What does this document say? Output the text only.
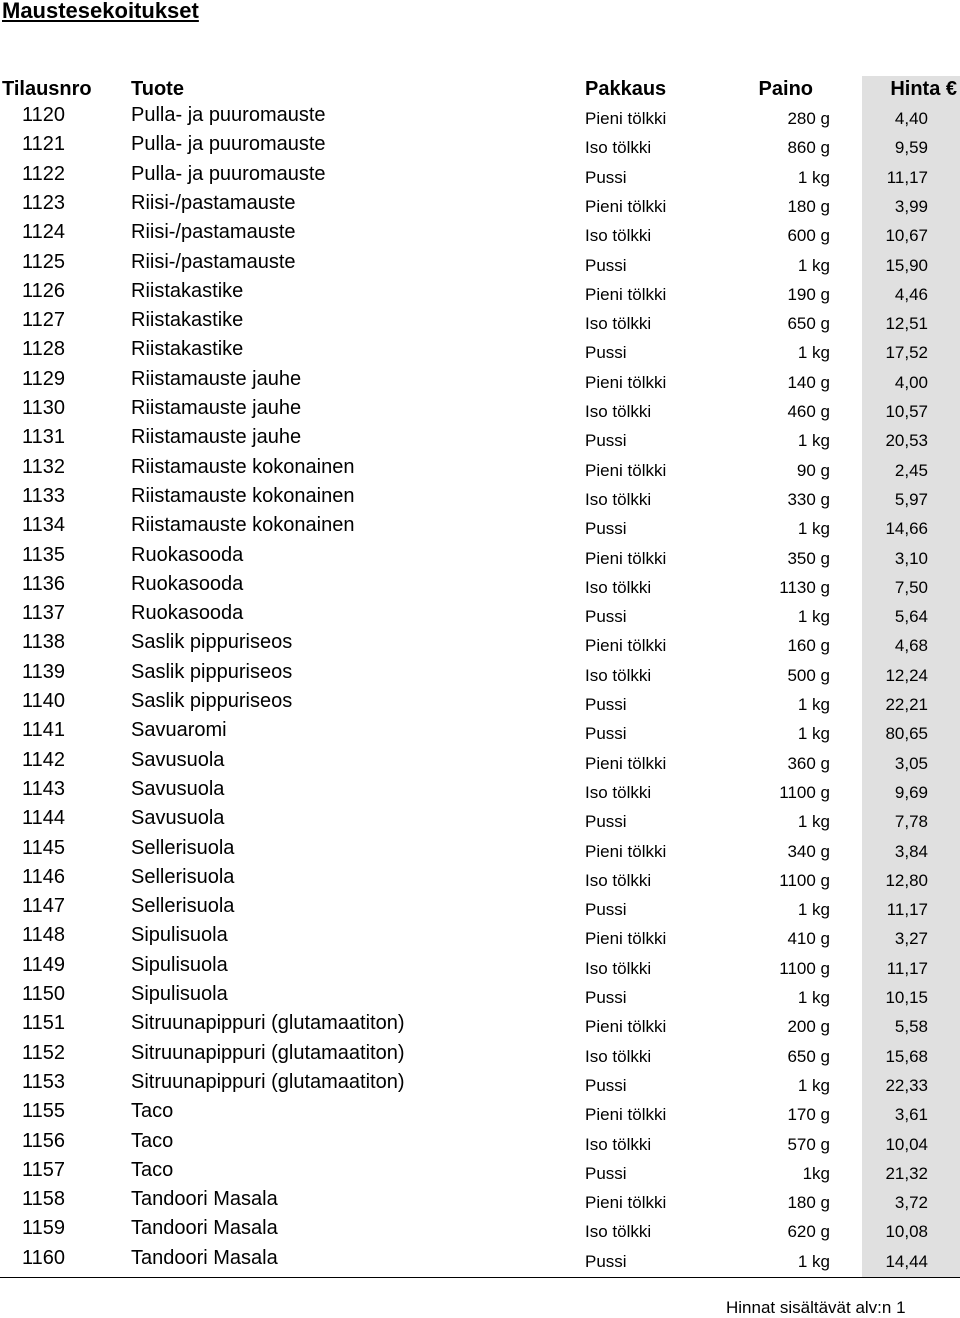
Maustesekoitukset
Tilausnro Tuote	Pakkaus	Paino	Hinta €
1120	Pulla- ja puuromauste	Pieni tölkki	280 g	4,40
1121	Pulla- ja puuromauste	Iso tölkki	860 g	9,59
1122	Pulla- ja puuromauste	Pussi	1 kg	11,17
1123	Riisi-/pastamauste	Pieni tölkki	180 g	3,99
1124	Riisi-/pastamauste	Iso tölkki	600 g	10,67
1125	Riisi-/pastamauste	Pussi	1 kg	15,90
1126	Riistakastike	Pieni tölkki	190 g	4,46
1127	Riistakastike	Iso tölkki	650 g	12,51
1128	Riistakastike	Pussi	1 kg	17,52
1129	Riistamauste jauhe	Pieni tölkki	140 g	4,00
1130	Riistamauste jauhe	Iso tölkki	460 g	10,57
1131	Riistamauste jauhe	Pussi	1 kg	20,53
1132	Riistamauste kokonainen	Pieni tölkki	90 g	2,45
1133	Riistamauste kokonainen	Iso tölkki	330 g	5,97
1134	Riistamauste kokonainen	Pussi	1 kg	14,66
1135	Ruokasooda	Pieni tölkki	350 g	3,10
1136	Ruokasooda	Iso tölkki	1130 g	7,50
1137	Ruokasooda	Pussi	1 kg	5,64
1138	Saslik pippuriseos	Pieni tölkki	160 g	4,68
1139	Saslik pippuriseos	Iso tölkki	500 g	12,24
1140	Saslik pippuriseos	Pussi	1 kg	22,21
1141	Savuaromi	Pussi	1 kg	80,65
1142	Savusuola	Pieni tölkki	360 g	3,05
1143	Savusuola	Iso tölkki	1100 g	9,69
1144	Savusuola	Pussi	1 kg	7,78
1145	Sellerisuola	Pieni tölkki	340 g	3,84
1146	Sellerisuola	Iso tölkki	1100 g	12,80
1147	Sellerisuola	Pussi	1 kg	11,17
1148	Sipulisuola	Pieni tölkki	410 g	3,27
1149	Sipulisuola	Iso tölkki	1100 g	11,17
1150	Sipulisuola	Pussi	1 kg	10,15
1151	Sitruunapippuri (glutamaatiton)	Pieni tölkki	200 g	5,58
1152	Sitruunapippuri (glutamaatiton)	Iso tölkki	650 g	15,68
1153	Sitruunapippuri (glutamaatiton)	Pussi	1 kg	22,33
1155	Taco	Pieni tölkki	170 g	3,61
1156	Taco	Iso tölkki	570 g	10,04
1157	Taco	Pussi	1kg	21,32
1158	Tandoori Masala	Pieni tölkki	180 g	3,72
1159	Tandoori Masala	Iso tölkki	620 g	10,08
1160	Tandoori Masala	Pussi	1 kg	14,44
Hinnat sisältävät alv:n 1
